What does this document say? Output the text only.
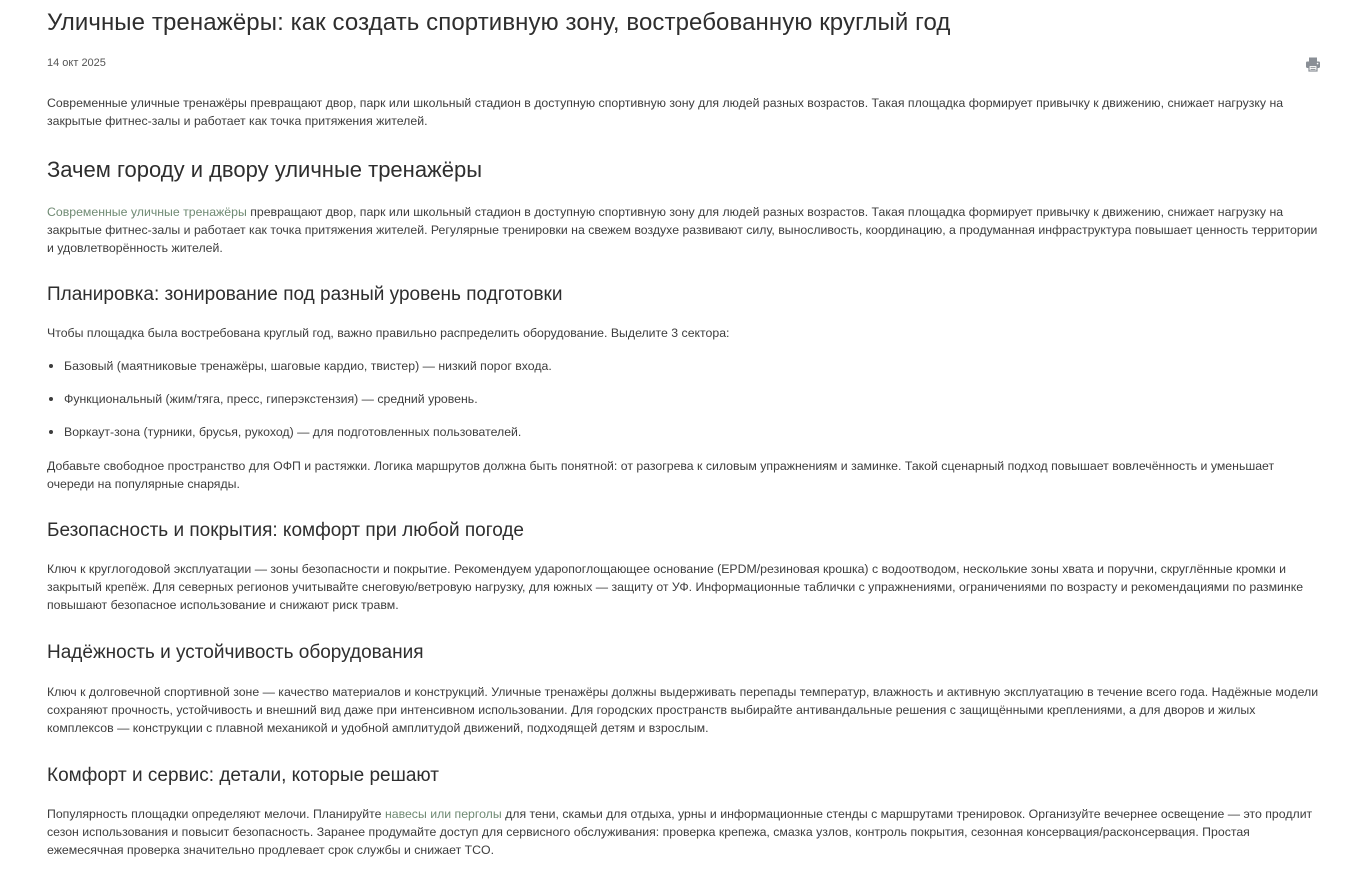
Уличные тренажёры: как создать спортивную зону, востребованную круглый год
14 окт 2025

Современные уличные тренажёры превращают двор, парк или школьный стадион в доступную спортивную зону для людей разных возрастов. Такая площадка формирует привычку к движению, снижает нагрузку на закрытые фитнес-залы и работает как точка притяжения жителей.

Зачем городу и двору уличные тренажёры

Современные уличные тренажёры превращают двор, парк или школьный стадион в доступную спортивную зону для людей разных возрастов. Такая площадка формирует привычку к движению, снижает нагрузку на закрытые фитнес-залы и работает как точка притяжения жителей. Регулярные тренировки на свежем воздухе развивают силу, выносливость, координацию, а продуманная инфраструктура повышает ценность территории и удовлетворённость жителей.

Планировка: зонирование под разный уровень подготовки

Чтобы площадка была востребована круглый год, важно правильно распределить оборудование. Выделите 3 сектора:

Базовый (маятниковые тренажёры, шаговые кардио, твистер) — низкий порог входа.
Функциональный (жим/тяга, пресс, гиперэкстензия) — средний уровень.
Воркаут-зона (турники, брусья, рукоход) — для подготовленных пользователей.

Добавьте свободное пространство для ОФП и растяжки. Логика маршрутов должна быть понятной: от разогрева к силовым упражнениям и заминке. Такой сценарный подход повышает вовлечённость и уменьшает очереди на популярные снаряды.

Безопасность и покрытия: комфорт при любой погоде

Ключ к круглогодовой эксплуатации — зоны безопасности и покрытие. Рекомендуем ударопоглощающее основание (EPDM/резиновая крошка) с водоотводом, несколькие зоны хвата и поручни, скруглённые кромки и закрытый крепёж. Для северных регионов учитывайте снеговую/ветровую нагрузку, для южных — защиту от УФ. Информационные таблички с упражнениями, ограничениями по возрасту и рекомендациями по разминке повышают безопасное использование и снижают риск травм.

Надёжность и устойчивость оборудования

Ключ к долговечной спортивной зоне — качество материалов и конструкций. Уличные тренажёры должны выдерживать перепады температур, влажность и активную эксплуатацию в течение всего года. Надёжные модели сохраняют прочность, устойчивость и внешний вид даже при интенсивном использовании. Для городских пространств выбирайте антивандальные решения с защищёнными креплениями, а для дворов и жилых комплексов — конструкции с плавной механикой и удобной амплитудой движений, подходящей детям и взрослым.

Комфорт и сервис: детали, которые решают

Популярность площадки определяют мелочи. Планируйте навесы или перголы для тени, скамьи для отдыха, урны и информационные стенды с маршрутами тренировок. Организуйте вечернее освещение — это продлит сезон использования и повысит безопасность. Заранее продумайте доступ для сервисного обслуживания: проверка крепежа, смазка узлов, контроль покрытия, сезонная консервация/расконсервация. Простая ежемесячная проверка значительно продлевает срок службы и снижает TCO.
